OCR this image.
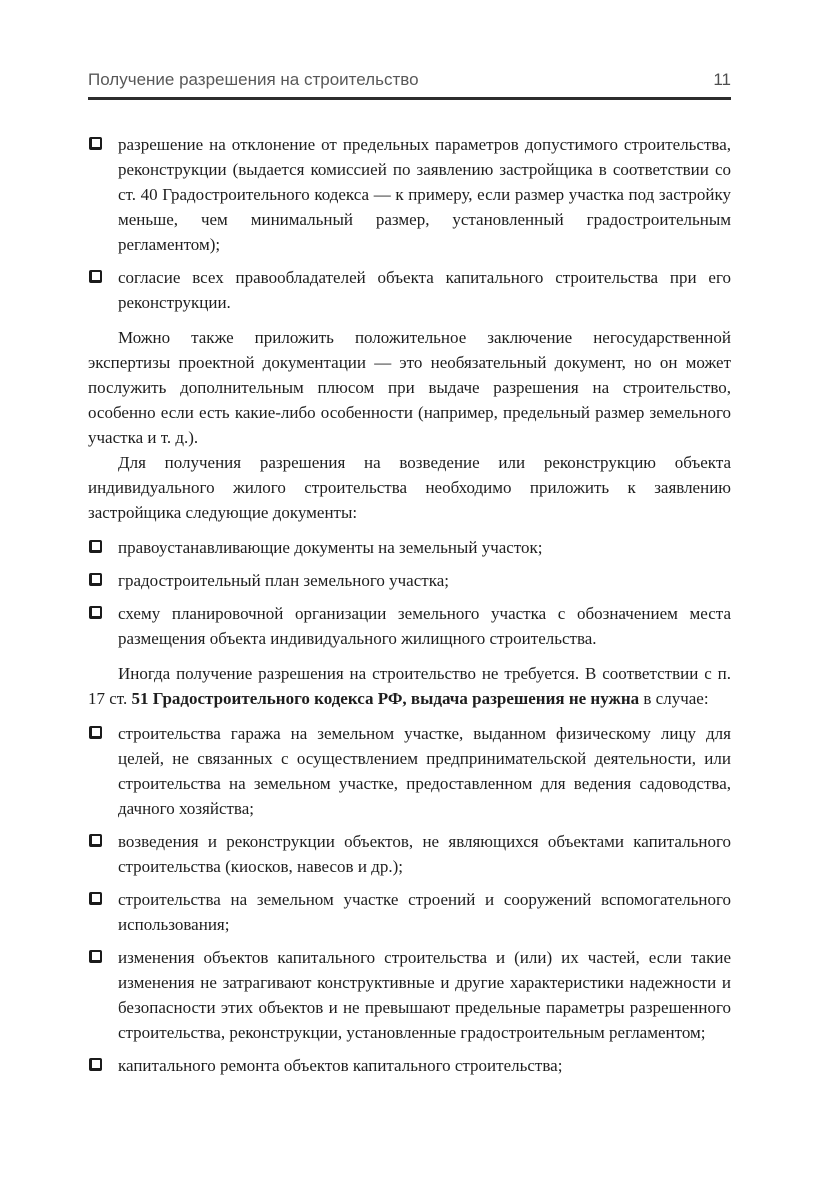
Получение разрешения на строительство	11
разрешение на отклонение от предельных параметров допустимого строительства, реконструкции (выдается комиссией по заявлению застройщика в соответствии со ст. 40 Градостроительного кодекса — к примеру, если размер участка под застройку меньше, чем минимальный размер, установленный градостроительным регламентом);
согласие всех правообладателей объекта капитального строительства при его реконструкции.

Можно также приложить положительное заключение негосударственной экспертизы проектной документации — это необязательный документ, но он может послужить дополнительным плюсом при выдаче разрешения на строительство, особенно если есть какие-либо особенности (например, предельный размер земельного участка и т. д.).

Для получения разрешения на возведение или реконструкцию объекта индивидуального жилого строительства необходимо приложить к заявлению застройщика следующие документы:

правоустанавливающие документы на земельный участок;
градостроительный план земельного участка;
схему планировочной организации земельного участка с обозначением места размещения объекта индивидуального жилищного строительства.

Иногда получение разрешения на строительство не требуется. В соответствии с п. 17 ст. 51 Градостроительного кодекса РФ, выдача разрешения не нужна в случае:

строительства гаража на земельном участке, выданном физическому лицу для целей, не связанных с осуществлением предпринимательской деятельности, или строительства на земельном участке, предоставленном для ведения садоводства, дачного хозяйства;
возведения и реконструкции объектов, не являющихся объектами капитального строительства (киосков, навесов и др.);
строительства на земельном участке строений и сооружений вспомогательного использования;
изменения объектов капитального строительства и (или) их частей, если такие изменения не затрагивают конструктивные и другие характеристики надежности и безопасности этих объектов и не превышают предельные параметры разрешенного строительства, реконструкции, установленные градостроительным регламентом;
капитального ремонта объектов капитального строительства;
